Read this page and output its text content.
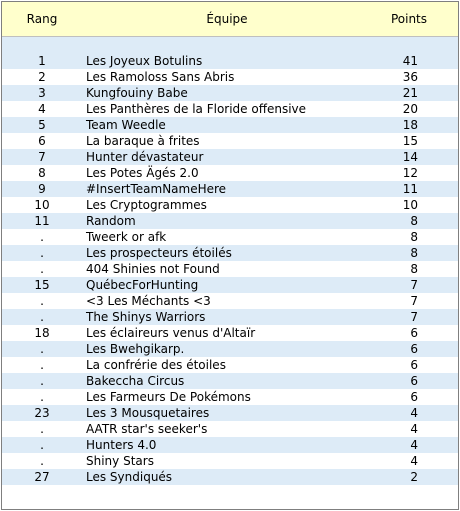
Rang	Équipe	Points

1	Les Joyeux Botulins	41
2	Les Ramoloss Sans Abris	36
3	Kungfouiny Babe	21
4	Les Panthères de la Floride offensive	20
5	Team Weedle	18
6	La baraque à frites	15
7	Hunter dévastateur	14
8	Les Potes Ägés 2.0	12
9	#InsertTeamNameHere	11
10	Les Cryptogrammes	10
11	Random	8
.	Tweerk or afk	8
.	Les prospecteurs étoilés	8
.	404 Shinies not Found	8
15	QuébecForHunting	7
.	<3 Les Méchants <3	7
.	The Shinys Warriors	7
18	Les éclaireurs venus d'Altaïr	6
.	Les Bwehgikarp.	6
.	La confrérie des étoiles	6
.	Bakeccha Circus	6
.	Les Farmeurs De Pokémons	6
23	Les 3 Mousquetaires	4
.	AATR star's seeker's	4
.	Hunters 4.0	4
.	Shiny Stars	4
27	Les Syndiqués	2
